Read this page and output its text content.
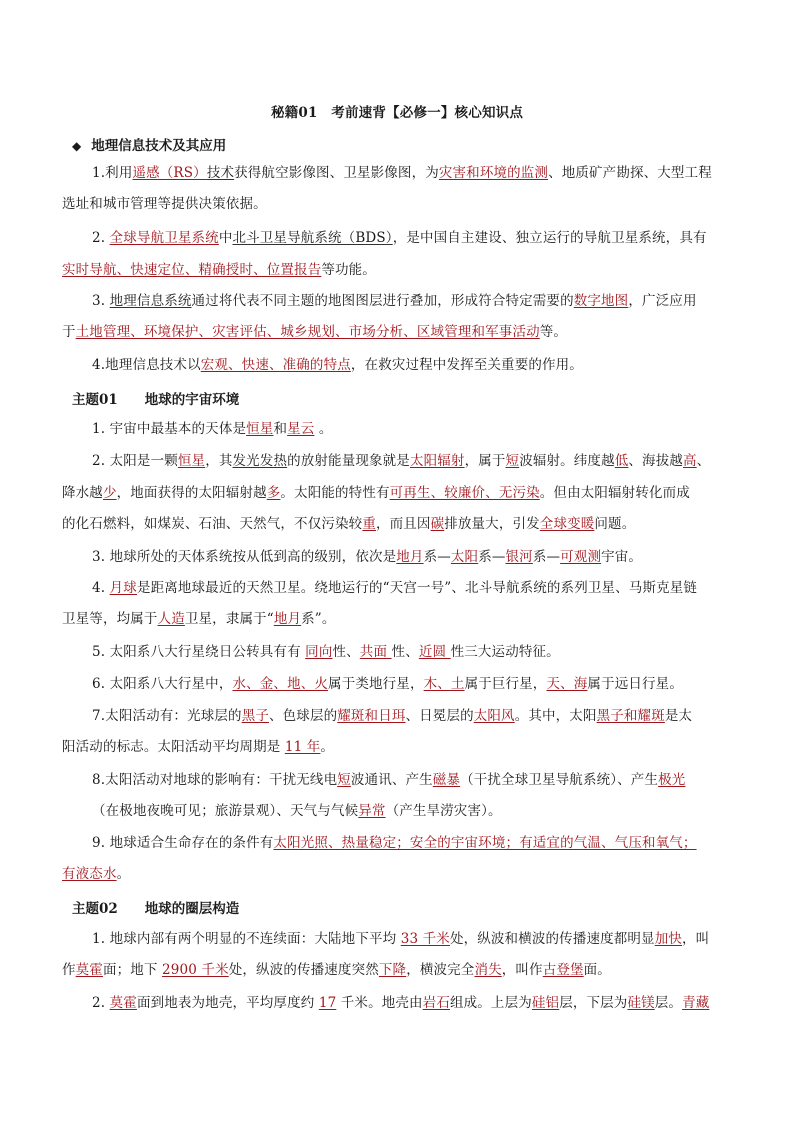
秘籍01　考前速背【必修一】核心知识点
◆ 地理信息技术及其应用
1.利用遥感（RS）技术获得航空影像图、卫星影像图，为灾害和环境的监测、地质矿产勘探、大型工程
选址和城市管理等提供决策依据。
2. 全球导航卫星系统中北斗卫星导航系统（BDS），是中国自主建设、独立运行的导航卫星系统，具有
实时导航、快速定位、精确授时、位置报告等功能。
3. 地理信息系统通过将代表不同主题的地图图层进行叠加，形成符合特定需要的数字地图，广泛应用
于土地管理、环境保护、灾害评估、城乡规划、市场分析、区域管理和军事活动等。
4.地理信息技术以宏观、快速、准确的特点，在救灾过程中发挥至关重要的作用。
主题01　　地球的宇宙环境
1. 宇宙中最基本的天体是恒星和星云 。
2. 太阳是一颗恒星，其发光发热的放射能量现象就是太阳辐射，属于短波辐射。纬度越低、海拔越高、
降水越少，地面获得的太阳辐射越多。太阳能的特性有可再生、较廉价、无污染。但由太阳辐射转化而成
的化石燃料，如煤炭、石油、天然气，不仅污染较重，而且因碳排放量大，引发全球变暖问题。
3. 地球所处的天体系统按从低到高的级别，依次是地月系—太阳系—银河系—可观测宇宙。
4. 月球是距离地球最近的天然卫星。绕地运行的“天宫一号”、北斗导航系统的系列卫星、马斯克星链
卫星等，均属于人造卫星，隶属于“地月系”。
5. 太阳系八大行星绕日公转具有有 同向性、共面 性、近圆 性三大运动特征。
6. 太阳系八大行星中，水、金、地、火属于类地行星，木、土属于巨行星，天、海属于远日行星。
7.太阳活动有：光球层的黑子、色球层的耀斑和日珥、日冕层的太阳风。其中，太阳黑子和耀斑是太
阳活动的标志。太阳活动平均周期是 11 年。
8.太阳活动对地球的影响有：干扰无线电短波通讯、产生磁暴（干扰全球卫星导航系统）、产生极光
（在极地夜晚可见；旅游景观）、天气与气候异常（产生旱涝灾害）。
9. 地球适合生命存在的条件有太阳光照、热量稳定；安全的宇宙环境；有适宜的气温、气压和氧气；
有液态水。
主题02　　地球的圈层构造
1. 地球内部有两个明显的不连续面：大陆地下平均 33 千米处，纵波和横波的传播速度都明显加快，叫
作莫霍面；地下 2900 千米处，纵波的传播速度突然下降，横波完全消失，叫作古登堡面。
2. 莫霍面到地表为地壳，平均厚度约 17 千米。地壳由岩石组成。上层为硅铝层，下层为硅镁层。青藏
